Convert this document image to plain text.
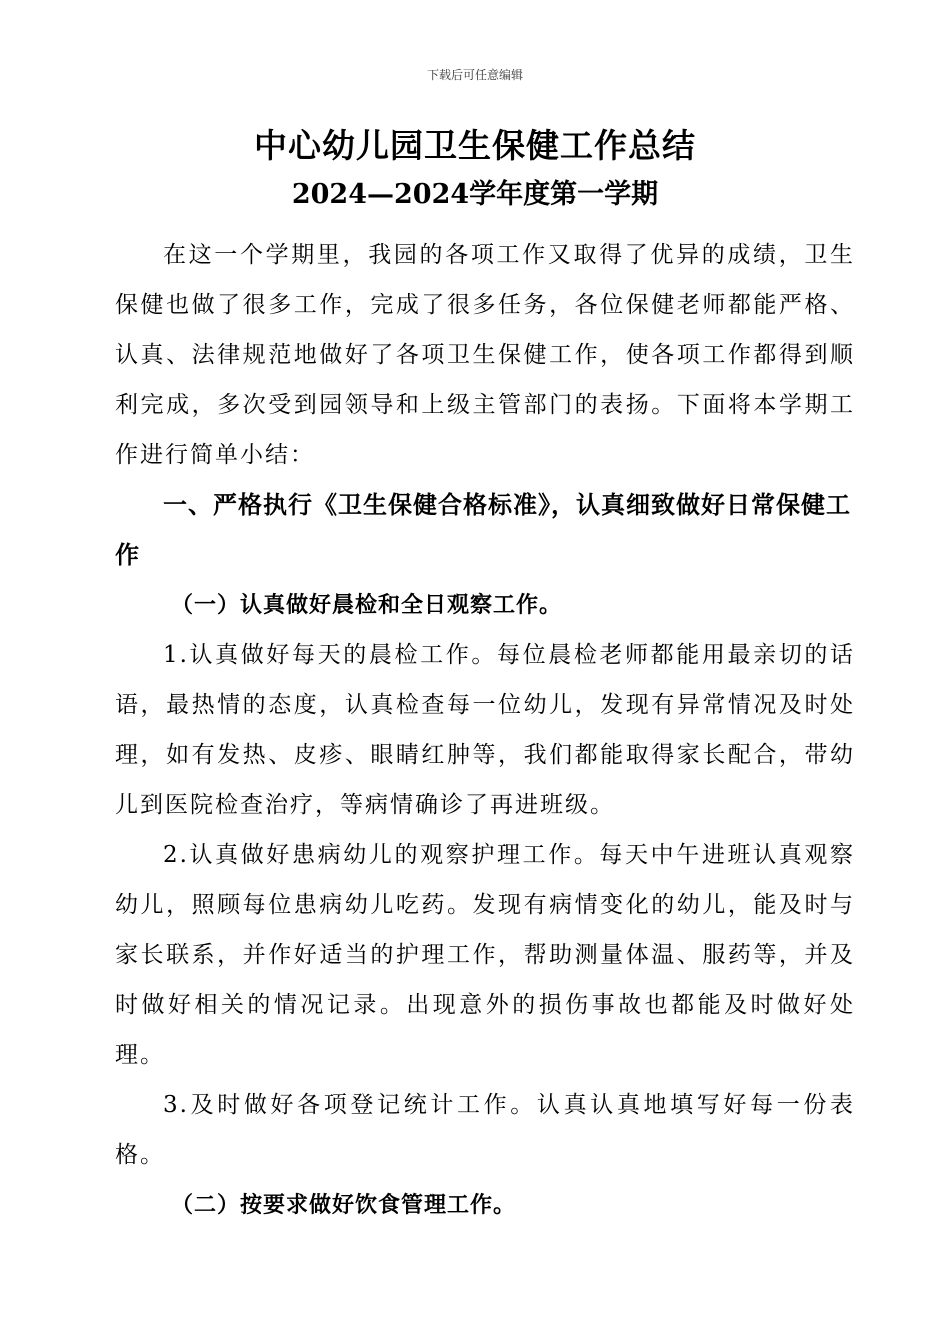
下载后可任意编辑
中心幼儿园卫生保健工作总结
2024—2024学年度第一学期

在这一个学期里，我园的各项工作又取得了优异的成绩，卫生保健也做了很多工作，完成了很多任务，各位保健老师都能严格、认真、法律规范地做好了各项卫生保健工作，使各项工作都得到顺利完成，多次受到园领导和上级主管部门的表扬。下面将本学期工作进行简单小结：

一、严格执行《卫生保健合格标准》，认真细致做好日常保健工作

（一）认真做好晨检和全日观察工作。

1.认真做好每天的晨检工作。每位晨检老师都能用最亲切的话语，最热情的态度，认真检查每一位幼儿，发现有异常情况及时处理，如有发热、皮疹、眼睛红肿等，我们都能取得家长配合，带幼儿到医院检查治疗，等病情确诊了再进班级。

2.认真做好患病幼儿的观察护理工作。每天中午进班认真观察幼儿，照顾每位患病幼儿吃药。发现有病情变化的幼儿，能及时与家长联系，并作好适当的护理工作，帮助测量体温、服药等，并及时做好相关的情况记录。出现意外的损伤事故也都能及时做好处理。

3.及时做好各项登记统计工作。认真认真地填写好每一份表格。

（二）按要求做好饮食管理工作。
